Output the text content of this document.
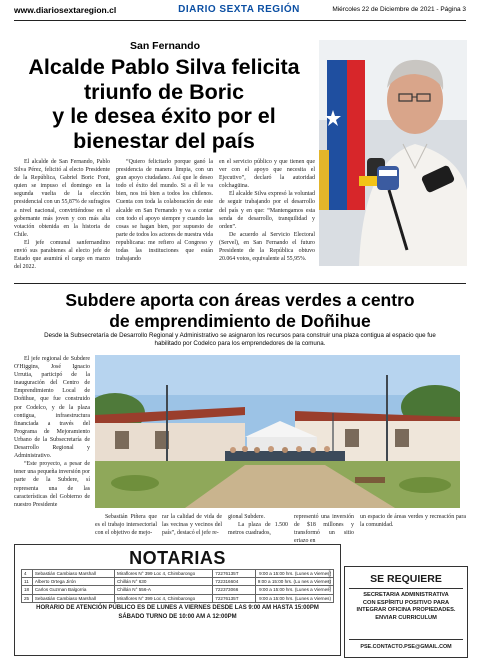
www.diariosextaregion.cl	DIARIO SEXTA REGIÓN	Miércoles 22 de Diciembre de 2021 - Página 3
San Fernando
Alcalde Pablo Silva felicita
triunfo de Boric
y le desea éxito por el
bienestar del país

El alcalde de San Fernando, Pablo Silva Pérez, felicitó al electo Presidente de la República, Gabriel Boric Font, quien se impuso el domingo en la segunda vuelta de la elección presidencial con un 55,87% de sufragios a nivel nacional, convirtiéndose en el gobernante más joven y con más alta votación obtenida en la historia de Chile.

El jefe comunal sanfernandino envió sus parabienes al electo jefe de Estado que asumirá el cargo en marzo del 2022.

“Quiero felicitarlo porque ganó la presidencia de manera limpia, con un gran apoyo ciudadano. Así que le deseo todo el éxito del mundo. Si a él le va bien, nos irá bien a todos los chilenos. Cuenta con toda la colaboración de este alcalde en San Fernando y va a contar con todo el apoyo siempre y cuando las cosas se hagan bien, por supuesto de parte de todos los actores de nuestra vida republicana: me refiero al Congreso y todas las instituciones que están trabajando

en el servicio público y que tienen que ver con el apoyo que necesita el Ejecutivo”, declaró la autoridad colchagüina.

El alcalde Silva expresó la voluntad de seguir trabajando por el desarrollo del país y en que: “Mantengamos esta senda de desarrollo, tranquilidad y orden”.

De acuerdo al Servicio Electoral (Servel), en San Fernando el futuro Presidente de la República obtuvo 20.064 votos, equivalente al 55,95%.

Subdere aporta con áreas verdes a centro
de emprendimiento de Doñihue
Desde la Subsecretaría de Desarrollo Regional y Administrativo se asignaron los recursos para construir una plaza contigua al espacio que fue habilitado por Codelco para los emprendedores de la comuna.

El jefe regional de Subdere O'Higgins, José Ignacio Urrutia, participó de la inauguración del Centro de Emprendimiento Local de Doñihue, que fue construido por Codelco, y de la plaza contigua, infraestructura financiada a través del Programa de Mejoramiento Urbano de la Subsecretaría de Desarrollo Regional y Administrativo.

“Este proyecto, a pesar de tener una pequeña inversión por parte de la Subdere, sí representa una de las características del Gobierno de nuestro Presidente

Sebastián Piñera que es el trabajo intersectorial con el objetivo de mejo-

rar la calidad de vida de las vecinas y vecinos del país”, destacó el jefe re-

gional Subdere.

La plaza de 1.500 metros cuadrados,

representó una inversión de $18 millones y transformó un sitio eriazo en

un espacio de áreas verdes y recreación para la comunidad.

NOTARIAS
4	Sebastián Cambiaso Marshall	Miraflores N° 399 Loc 4, Chimbarongo	72276135T	9:00 a 15:00 hrs. (Lunes a Viernes)
11	Alberto Ortega Jirón	Chillán N° 630	722316604	9:00 a 15:00 hrs. (Lu nes a Viernes)
18	Carlos Guzman Balgorria	Chillán N° 556-A	722373066	9:00 a 15:00 hrs. (Lunes a Viernes)
25	Sebastián Cambiaso Marshall	Miraflores N° 399 Loc 4, Chimbarongo	72276135T	9:00 a 15:00 hrs. (Lunes a Viernes)
HORARIO DE ATENCIÓN PÚBLICO ES DE LUNES A VIERNES DESDE LAS 9:00 AM HASTA 15:00PM
SÁBADO TURNO DE 10:00 AM A 12:00PM
*18-05-20 u/s	SE REQUIERE
SECRETARIA ADMINISTRATIVA
CON ESPÍRITU POSITIVO PARA
INTEGRAR OFICINA PROPIEDADES.
ENVIAR CURRICULUM
PSE.CONTACTO.PSE@GMAIL.COM
